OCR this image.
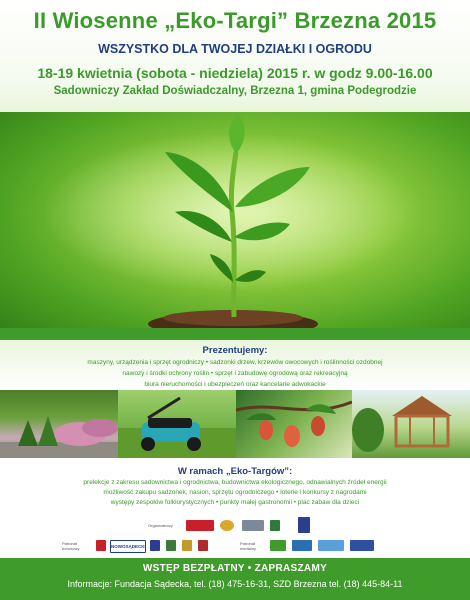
II Wiosenne „Eko-Targi” Brzezna 2015
WSZYSTKO DLA TWOJEJ DZIAŁKI I OGRODU
18-19 kwietnia (sobota - niedziela) 2015 r. w godz 9.00-16.00
Sadowniczy Zakład Doświadczalny, Brzezna 1, gmina Podegrodzie
Prezentujemy:
maszyny, urządzenia i sprzęt ogrodniczy • sadzonki drzew, krzewów owocowych i roślinności ozdobnej
nawozy i środki ochrony roślin • sprzęt i zabudowę ogrodową oraz rekreacyjną
biura nieruchomości i ubezpieczeń oraz kancelarie adwokackie
W ramach „Eko-Targów”:
prelekcje z zakresu sadownictwa i ogrodnictwa, budownictwa ekologicznego, odnawialnych źródeł energii
możliwość zakupu sadzonek, nasion, sprzętu ogrodniczego • loterie i konkursy z nagrodami
występy zespołów folklorystycznych • punkty małej gastronomii • plac zabaw dla dzieci
Organizatorzy
Patronat honorowy	NOWOSĄDECKI
Patronat medialny
WSTĘP BEZPŁATNY • ZAPRASZAMY
Informacje: Fundacja Sądecka, tel. (18) 475-16-31, SZD Brzezna tel. (18) 445-84-11
